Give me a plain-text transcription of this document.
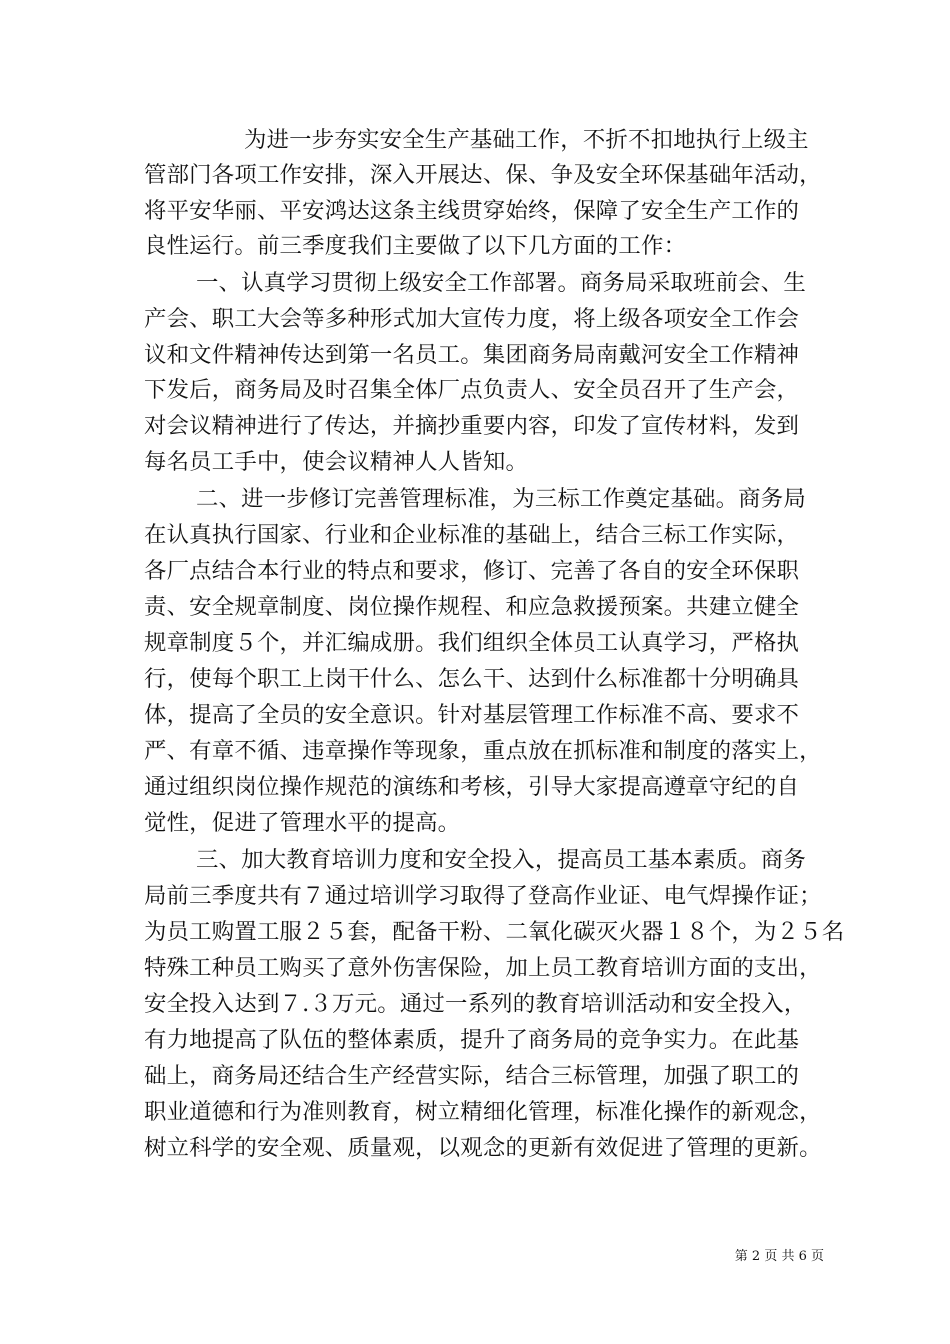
为进一步夯实安全生产基础工作，不折不扣地执行上级主
管部门各项工作安排，深入开展达、保、争及安全环保基础年活动，
将平安华丽、平安鸿达这条主线贯穿始终，保障了安全生产工作的
良性运行。前三季度我们主要做了以下几方面的工作：
一、认真学习贯彻上级安全工作部署。商务局采取班前会、生
产会、职工大会等多种形式加大宣传力度，将上级各项安全工作会
议和文件精神传达到第一名员工。集团商务局南戴河安全工作精神
下发后，商务局及时召集全体厂点负责人、安全员召开了生产会，
对会议精神进行了传达，并摘抄重要内容，印发了宣传材料，发到
每名员工手中，使会议精神人人皆知。
二、进一步修订完善管理标准，为三标工作奠定基础。商务局
在认真执行国家、行业和企业标准的基础上，结合三标工作实际，
各厂点结合本行业的特点和要求，修订、完善了各自的安全环保职
责、安全规章制度、岗位操作规程、和应急救援预案。共建立健全
规章制度５个，并汇编成册。我们组织全体员工认真学习，严格执
行，使每个职工上岗干什么、怎么干、达到什么标准都十分明确具
体，提高了全员的安全意识。针对基层管理工作标准不高、要求不
严、有章不循、违章操作等现象，重点放在抓标准和制度的落实上，
通过组织岗位操作规范的演练和考核，引导大家提高遵章守纪的自
觉性，促进了管理水平的提高。
三、加大教育培训力度和安全投入，提高员工基本素质。商务
局前三季度共有７通过培训学习取得了登高作业证、电气焊操作证；
为员工购置工服２５套，配备干粉、二氧化碳灭火器１８个，为２５名
特殊工种员工购买了意外伤害保险，加上员工教育培训方面的支出，
安全投入达到７.３万元。通过一系列的教育培训活动和安全投入，
有力地提高了队伍的整体素质，提升了商务局的竞争实力。在此基
础上，商务局还结合生产经营实际，结合三标管理，加强了职工的
职业道德和行为准则教育，树立精细化管理，标准化操作的新观念，
树立科学的安全观、质量观，以观念的更新有效促进了管理的更新。
第 2 页 共 6 页
